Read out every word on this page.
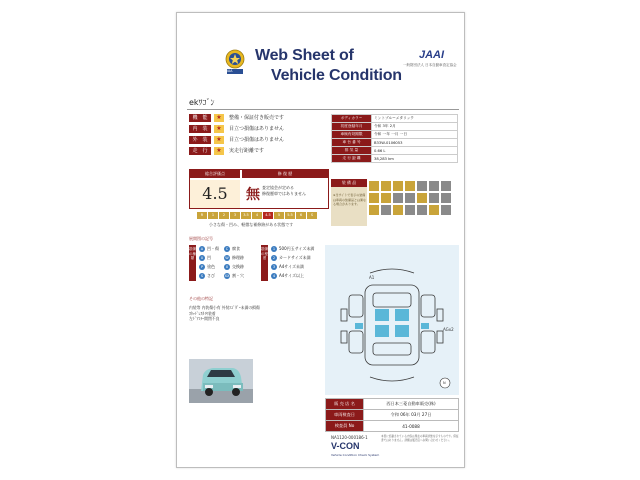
EVAA
Web Sheet of
Vehicle Condition
JAAI
一般財団法人 日本自動車査定協会
ekﾜｺﾞﾝ
機　能	★	整備・保証付き販売です
内　装	★	目立つ損傷はありません
外　装	★	目立つ損傷はありません
走　行	★	実走行距離です
ボディカラー	ミントブルーメタリック
初度登録年月	令和 3年 2月
車検有効期限	令和 一年 一月 一日
車 台 番 号	B33W-0106053
排 気 量	0.66 L
走 行 距 離	38,283 km
総合評価点	修 復 歴
4.5	無 査定協会が定める
修復歴車ではありません
R	1	2	3	3.5	4	4.5	5	5.5	6	S
小さな傷・凹み、軽微な補修跡がある状態です
装 備 品
※当サイトで表示の装備は車両の装備品とは異なる場合があります。
展開図の記号
損傷の種類
A 凹・傷	C 腐食
U 凹	W 修理跡
P 塗色	X 交換跡
S さび	XX 割・穴
損傷の程度
1 500円玉サイズ未満
2 カードサイズ未満
3 A4サイズ未満
4 A4サイズ以上
その他の特記
内装等 内装傷小有 外装ｴｺﾞﾀﾞｰ未満の損傷
ｽﾀｯﾄﾞﾚｽﾀｲﾔ装着
左ﾄﾞｱﾐﾗｰ開閉不良
A1
AGx2
N
販 売 店 名	西日本三菱自動車販売(株)
車両検査日	令和 06年 03月 27日
検査員 No	41-0088
NA1120-000186-1
V-CON
Vehicle Condition Check System
本書に記載されている内容は現在の車両状態を示すものです。保証書ではありません。詳細は販売店へお問い合わせください。
